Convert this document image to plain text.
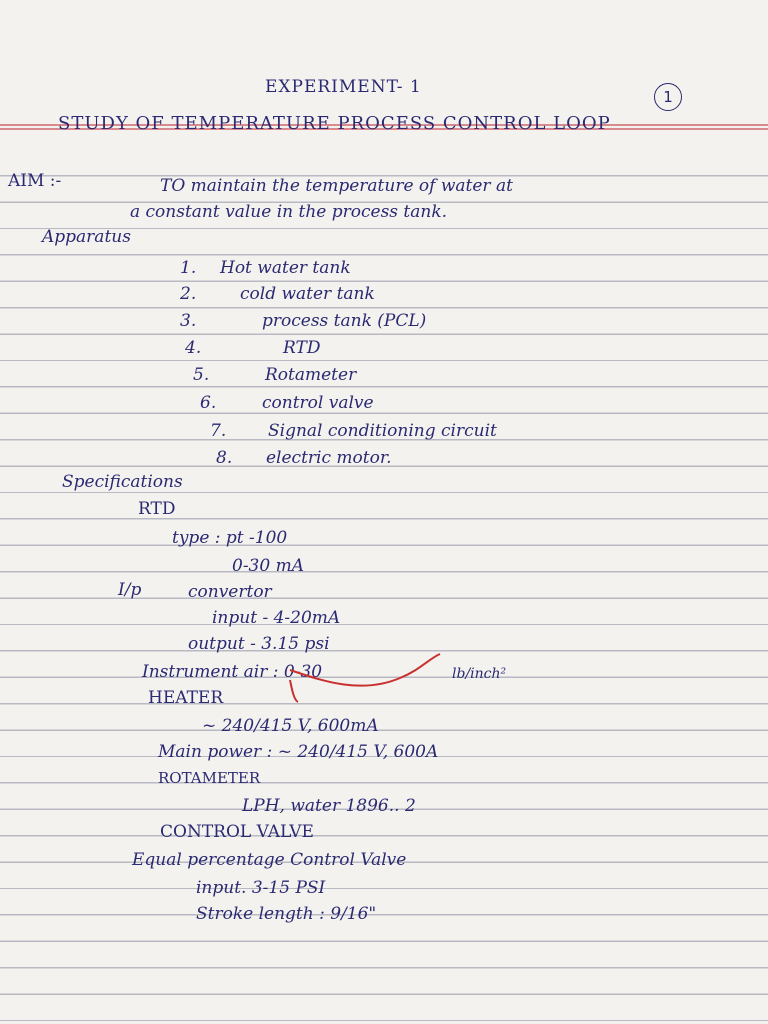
1
EXPERIMENT- 1
STUDY OF TEMPERATURE PROCESS CONTROL LOOP
AIM :-	TO maintain the temperature of water at
a constant value in the process tank.
Apparatus
1. Hot water tank
2.	cold water tank
3.	process tank (PCL)
4.	RTD
5.	Rotameter
6.	control valve
7. Signal conditioning circuit
8. electric motor.
Specifications
RTD
type : pt -100
0-30 mA
I/p	convertor
input - 4-20mA
output - 3.15 psi
Instrument air : 0-30	lb/inch²
HEATER
~ 240/415 V, 600mA
Main power : ~ 240/415 V, 600A
ROTAMETER
LPH, water 1896.. 2
CONTROL VALVE
Equal percentage Control Valve
input. 3-15 PSI
Stroke length : 9/16"
